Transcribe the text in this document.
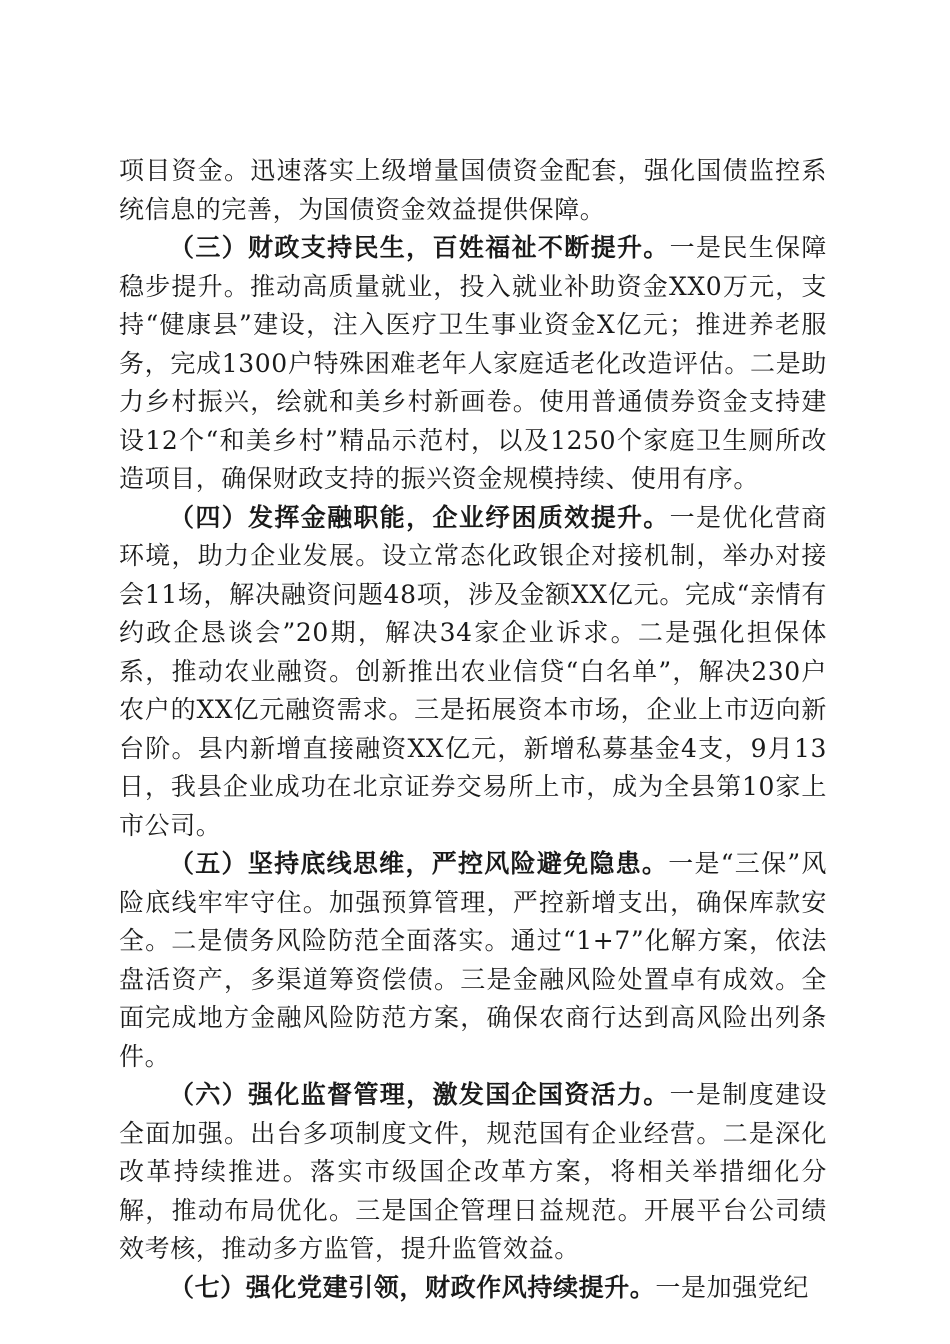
项目资金。迅速落实上级增量国债资金配套，强化国债监控系统信息的完善，为国债资金效益提供保障。

（三）财政支持民生，百姓福祉不断提升。一是民生保障稳步提升。推动高质量就业，投入就业补助资金XX0万元，支持“健康县”建设，注入医疗卫生事业资金X亿元；推进养老服务，完成1300户特殊困难老年人家庭适老化改造评估。二是助力乡村振兴，绘就和美乡村新画卷。使用普通债券资金支持建设12个“和美乡村”精品示范村，以及1250个家庭卫生厕所改造项目，确保财政支持的振兴资金规模持续、使用有序。

（四）发挥金融职能，企业纾困质效提升。一是优化营商环境，助力企业发展。设立常态化政银企对接机制，举办对接会11场，解决融资问题48项，涉及金额XX亿元。完成“亲情有约政企恳谈会”20期，解决34家企业诉求。二是强化担保体系，推动农业融资。创新推出农业信贷“白名单”，解决230户农户的XX亿元融资需求。三是拓展资本市场，企业上市迈向新台阶。县内新增直接融资XX亿元，新增私募基金4支，9月13日，我县企业成功在北京证券交易所上市，成为全县第10家上市公司。

（五）坚持底线思维，严控风险避免隐患。一是“三保”风险底线牢牢守住。加强预算管理，严控新增支出，确保库款安全。二是债务风险防范全面落实。通过“1+7”化解方案，依法盘活资产，多渠道筹资偿债。三是金融风险处置卓有成效。全面完成地方金融风险防范方案，确保农商行达到高风险出列条件。

（六）强化监督管理，激发国企国资活力。一是制度建设全面加强。出台多项制度文件，规范国有企业经营。二是深化改革持续推进。落实市级国企改革方案，将相关举措细化分解，推动布局优化。三是国企管理日益规范。开展平台公司绩效考核，推动多方监管，提升监管效益。

（七）强化党建引领，财政作风持续提升。一是加强党纪
